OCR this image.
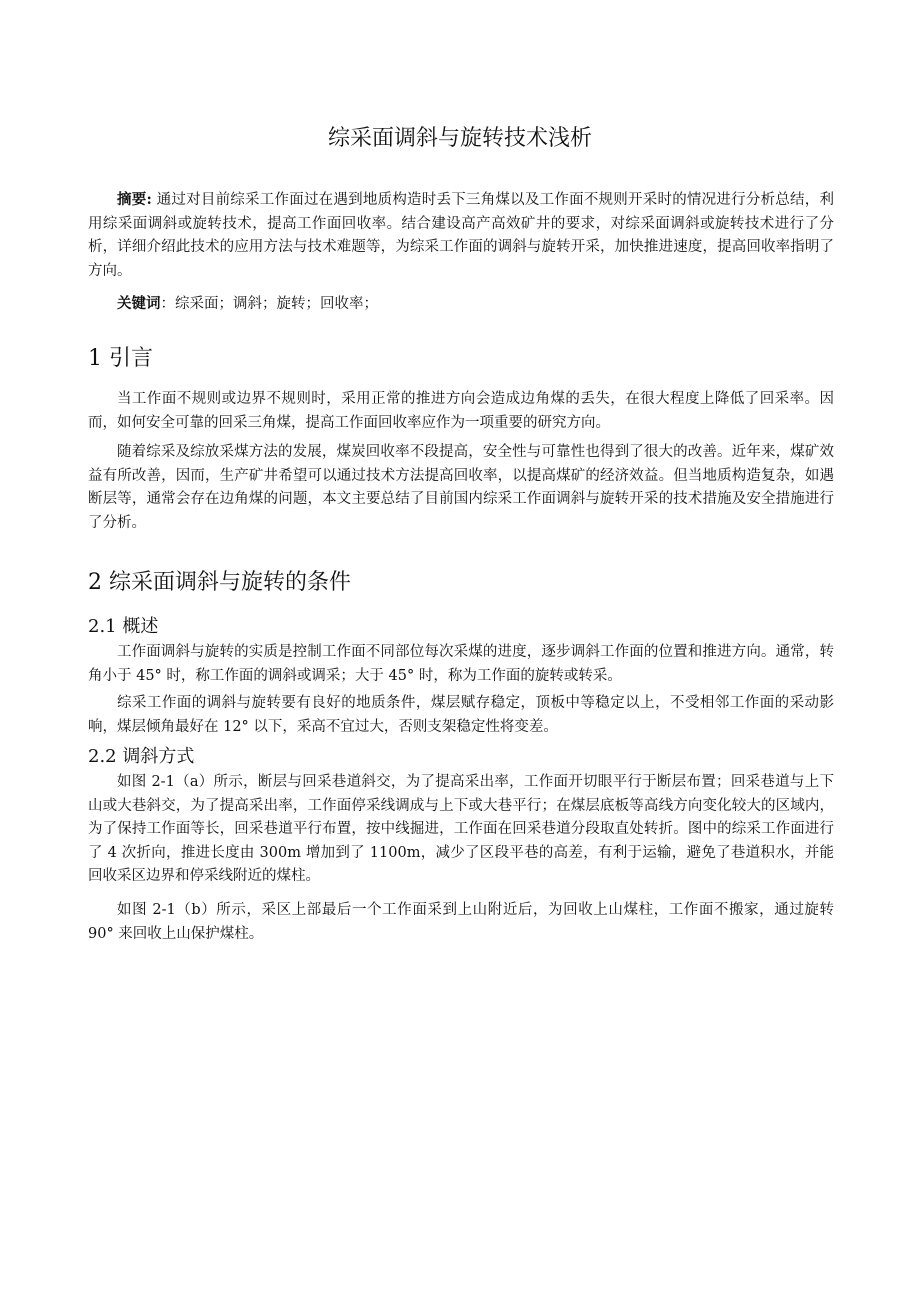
综采面调斜与旋转技术浅析

摘要: 通过对目前综采工作面过在遇到地质构造时丢下三角煤以及工作面不规则开采时的情况进行分析总结，利用综采面调斜或旋转技术，提高工作面回收率。结合建设高产高效矿井的要求，对综采面调斜或旋转技术进行了分析，详细介绍此技术的应用方法与技术难题等，为综采工作面的调斜与旋转开采，加快推进速度，提高回收率指明了方向。

关键词：综采面；调斜；旋转；回收率；

1 引言

当工作面不规则或边界不规则时，采用正常的推进方向会造成边角煤的丢失，在很大程度上降低了回采率。因而，如何安全可靠的回采三角煤，提高工作面回收率应作为一项重要的研究方向。

随着综采及综放采煤方法的发展，煤炭回收率不段提高，安全性与可靠性也得到了很大的改善。近年来，煤矿效益有所改善，因而，生产矿井希望可以通过技术方法提高回收率，以提高煤矿的经济效益。但当地质构造复杂，如遇断层等，通常会存在边角煤的问题，本文主要总结了目前国内综采工作面调斜与旋转开采的技术措施及安全措施进行了分析。

2 综采面调斜与旋转的条件
2.1 概述

工作面调斜与旋转的实质是控制工作面不同部位每次采煤的进度，逐步调斜工作面的位置和推进方向。通常，转角小于 45° 时，称工作面的调斜或调采；大于 45° 时，称为工作面的旋转或转采。

综采工作面的调斜与旋转要有良好的地质条件，煤层赋存稳定，顶板中等稳定以上，不受相邻工作面的采动影响，煤层倾角最好在 12° 以下，采高不宜过大，否则支架稳定性将变差。

2.2 调斜方式

如图 2-1（a）所示，断层与回采巷道斜交，为了提高采出率，工作面开切眼平行于断层布置；回采巷道与上下山或大巷斜交，为了提高采出率，工作面停采线调成与上下或大巷平行；在煤层底板等高线方向变化较大的区域内，为了保持工作面等长，回采巷道平行布置，按中线掘进，工作面在回采巷道分段取直处转折。图中的综采工作面进行了 4 次折向，推进长度由 300m 增加到了 1100m，减少了区段平巷的高差，有利于运输，避免了巷道积水，并能回收采区边界和停采线附近的煤柱。

如图 2-1（b）所示，采区上部最后一个工作面采到上山附近后，为回收上山煤柱，工作面不搬家，通过旋转 90° 来回收上山保护煤柱。
